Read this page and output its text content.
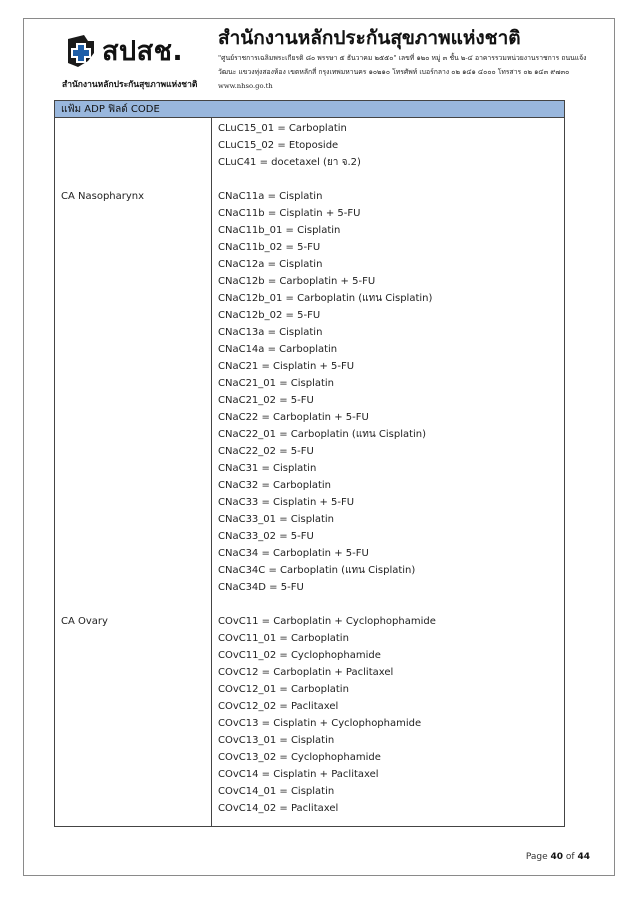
สปสช.
สำนักงานหลักประกันสุขภาพแห่งชาติ
สำนักงานหลักประกันสุขภาพแห่งชาติ
"ศูนย์ราชการเฉลิมพระเกียรติ ๘๐ พรรษา ๕ ธันวาคม ๒๕๕๐" เลขที่ ๑๒๐ หมู่ ๓ ชั้น ๒-๔ อาคารรวมหน่วยงานราชการ ถนนแจ้ง
วัฒนะ แขวงทุ่งสองห้อง เขตหลักสี่ กรุงเทพมหานคร ๑๐๒๑๐ โทรศัพท์ เบอร์กลาง ๐๒ ๑๔๑ ๔๐๐๐ โทรสาร ๐๒ ๑๔๓ ๙๗๓๐
www.nhso.go.th
แฟ้ม ADP ฟิลด์ CODE
CLuC15_01 = Carboplatin
CLuC15_02 = Etoposide
CLuC41 = docetaxel (ยา จ.2)
CA Nasopharynx	CNaC11a = Cisplatin
CNaC11b = Cisplatin + 5-FU
CNaC11b_01 = Cisplatin
CNaC11b_02 = 5-FU
CNaC12a = Cisplatin
CNaC12b = Carboplatin + 5-FU
CNaC12b_01 = Carboplatin (แทน Cisplatin)
CNaC12b_02 = 5-FU
CNaC13a = Cisplatin
CNaC14a = Carboplatin
CNaC21 = Cisplatin + 5-FU
CNaC21_01 = Cisplatin
CNaC21_02 = 5-FU
CNaC22 = Carboplatin + 5-FU
CNaC22_01 = Carboplatin (แทน Cisplatin)
CNaC22_02 = 5-FU
CNaC31 = Cisplatin
CNaC32 = Carboplatin
CNaC33 = Cisplatin + 5-FU
CNaC33_01 = Cisplatin
CNaC33_02 = 5-FU
CNaC34 = Carboplatin + 5-FU
CNaC34C = Carboplatin (แทน Cisplatin)
CNaC34D = 5-FU
CA Ovary	COvC11 = Carboplatin + Cyclophophamide
COvC11_01 = Carboplatin
COvC11_02 = Cyclophophamide
COvC12 = Carboplatin + Paclitaxel
COvC12_01 = Carboplatin
COvC12_02 = Paclitaxel
COvC13 = Cisplatin + Cyclophophamide
COvC13_01 = Cisplatin
COvC13_02 = Cyclophophamide
COvC14 = Cisplatin + Paclitaxel
COvC14_01 = Cisplatin
COvC14_02 = Paclitaxel
Page 40 of 44
